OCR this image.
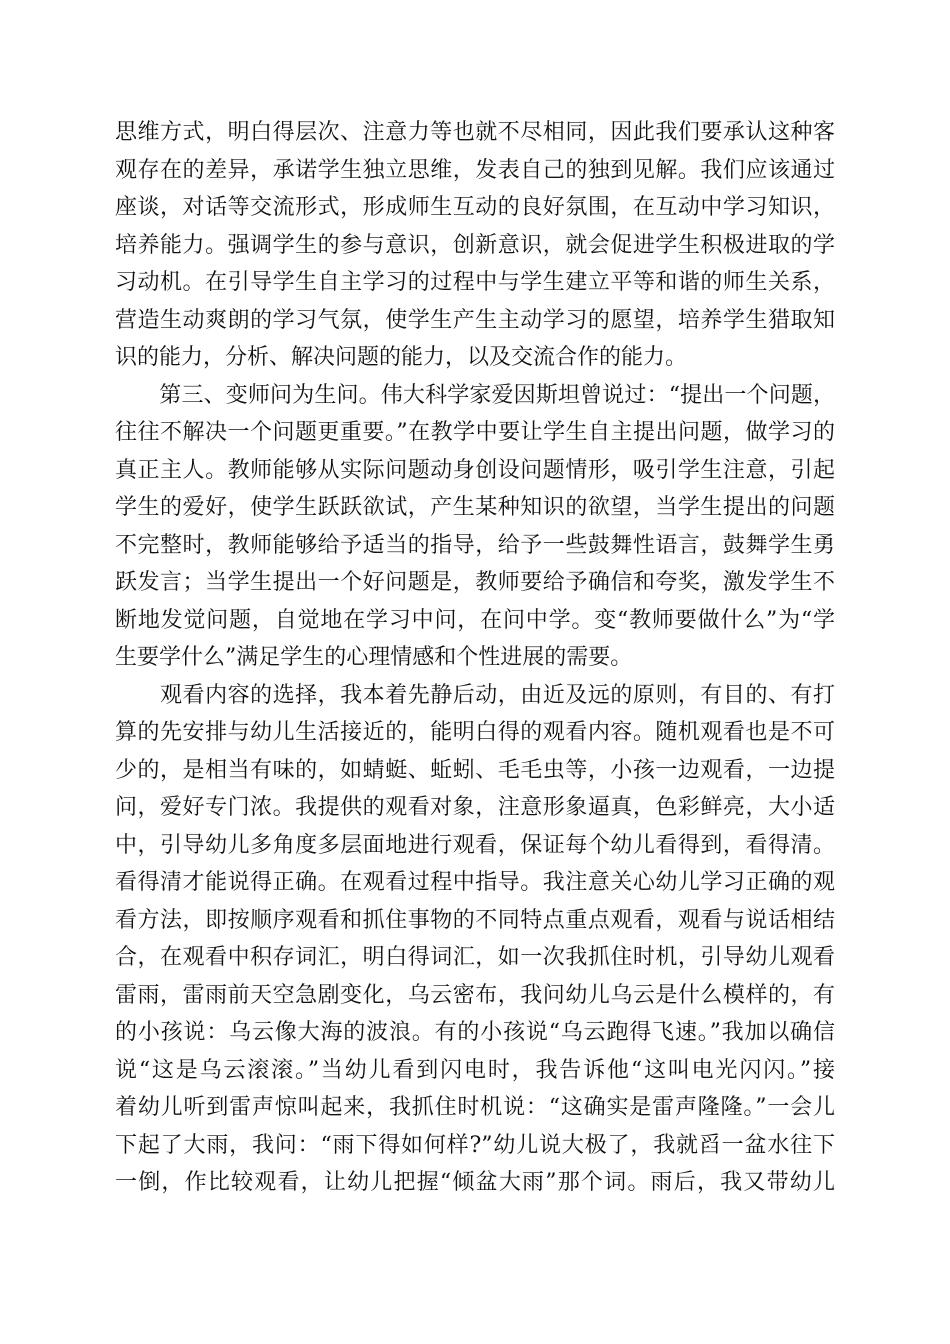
思维方式，明白得层次、注意力等也就不尽相同，因此我们要承认这种客
观存在的差异，承诺学生独立思维，发表自己的独到见解。我们应该通过
座谈，对话等交流形式，形成师生互动的良好氛围，在互动中学习知识，
培养能力。强调学生的参与意识，创新意识，就会促进学生积极进取的学
习动机。在引导学生自主学习的过程中与学生建立平等和谐的师生关系，
营造生动爽朗的学习气氛，使学生产生主动学习的愿望，培养学生猎取知
识的能力，分析、解决问题的能力，以及交流合作的能力。
　　第三、变师问为生问。伟大科学家爱因斯坦曾说过：“提出一个问题，
往往不解决一个问题更重要。”在教学中要让学生自主提出问题，做学习的
真正主人。教师能够从实际问题动身创设问题情形，吸引学生注意，引起
学生的爱好，使学生跃跃欲试，产生某种知识的欲望，当学生提出的问题
不完整时，教师能够给予适当的指导，给予一些鼓舞性语言，鼓舞学生勇
跃发言；当学生提出一个好问题是，教师要给予确信和夸奖，激发学生不
断地发觉问题，自觉地在学习中问，在问中学。变“教师要做什么”为“学
生要学什么”满足学生的心理情感和个性进展的需要。
　　观看内容的选择，我本着先静后动，由近及远的原则，有目的、有打
算的先安排与幼儿生活接近的，能明白得的观看内容。随机观看也是不可
少的，是相当有味的，如蜻蜓、蚯蚓、毛毛虫等，小孩一边观看，一边提
问，爱好专门浓。我提供的观看对象，注意形象逼真，色彩鲜亮，大小适
中，引导幼儿多角度多层面地进行观看，保证每个幼儿看得到，看得清。
看得清才能说得正确。在观看过程中指导。我注意关心幼儿学习正确的观
看方法，即按顺序观看和抓住事物的不同特点重点观看，观看与说话相结
合，在观看中积存词汇，明白得词汇，如一次我抓住时机，引导幼儿观看
雷雨，雷雨前天空急剧变化，乌云密布，我问幼儿乌云是什么模样的，有
的小孩说：乌云像大海的波浪。有的小孩说“乌云跑得飞速。”我加以确信
说“这是乌云滚滚。”当幼儿看到闪电时，我告诉他“这叫电光闪闪。”接
着幼儿听到雷声惊叫起来，我抓住时机说：“这确实是雷声隆隆。”一会儿
下起了大雨，我问：“雨下得如何样?”幼儿说大极了，我就舀一盆水往下
一倒，作比较观看，让幼儿把握“倾盆大雨”那个词。雨后，我又带幼儿
